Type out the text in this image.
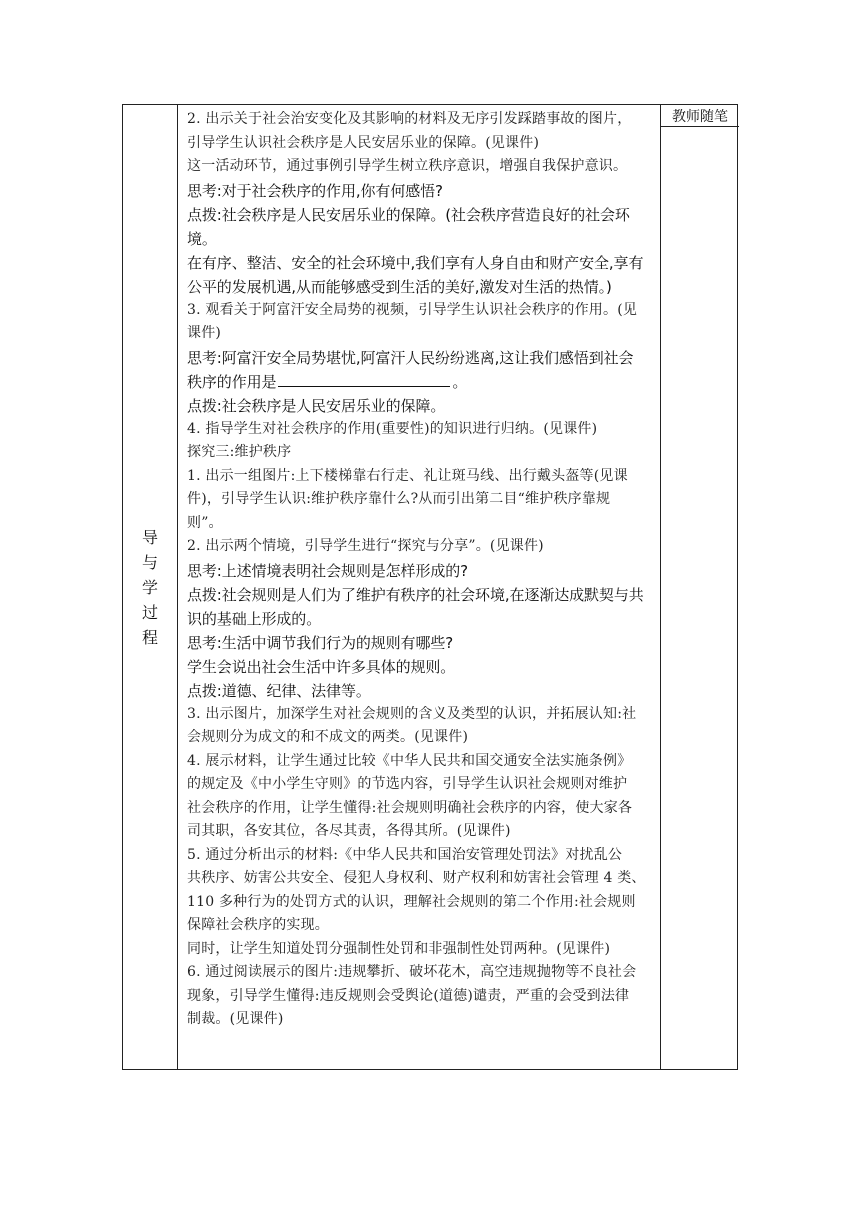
导
与
学
过
程
教师随笔

2. 出示关于社会治安变化及其影响的材料及无序引发踩踏事故的图片，

引导学生认识社会秩序是人民安居乐业的保障。(见课件)

这一活动环节，通过事例引导学生树立秩序意识，增强自我保护意识。

思考:对于社会秩序的作用,你有何感悟?

点拨:社会秩序是人民安居乐业的保障。(社会秩序营造良好的社会环境。

在有序、整洁、安全的社会环境中,我们享有人身自由和财产安全,享有

公平的发展机遇,从而能够感受到生活的美好,激发对生活的热情。)

3. 观看关于阿富汗安全局势的视频，引导学生认识社会秩序的作用。(见

课件)

思考:阿富汗安全局势堪忧,阿富汗人民纷纷逃离,这让我们感悟到社会

秩序的作用是	。

点拨:社会秩序是人民安居乐业的保障。

4. 指导学生对社会秩序的作用(重要性)的知识进行归纳。(见课件)

探究三:维护秩序

1. 出示一组图片:上下楼梯靠右行走、礼让斑马线、出行戴头盔等(见课

件)，引导学生认识:维护秩序靠什么?从而引出第二目“维护秩序靠规

则”。

2. 出示两个情境，引导学生进行“探究与分享”。(见课件)

思考:上述情境表明社会规则是怎样形成的?

点拨:社会规则是人们为了维护有秩序的社会环境,在逐渐达成默契与共

识的基础上形成的。

思考:生活中调节我们行为的规则有哪些?

学生会说出社会生活中许多具体的规则。

点拨:道德、纪律、法律等。

3. 出示图片，加深学生对社会规则的含义及类型的认识，并拓展认知:社

会规则分为成文的和不成文的两类。(见课件)

4. 展示材料，让学生通过比较《中华人民共和国交通安全法实施条例》

的规定及《中小学生守则》的节选内容，引导学生认识社会规则对维护

社会秩序的作用，让学生懂得:社会规则明确社会秩序的内容，使大家各

司其职，各安其位，各尽其责，各得其所。(见课件)

5. 通过分析出示的材料:《中华人民共和国治安管理处罚法》对扰乱公

共秩序、妨害公共安全、侵犯人身权利、财产权利和妨害社会管理 4 类、

110 多种行为的处罚方式的认识，理解社会规则的第二个作用:社会规则

保障社会秩序的实现。

同时，让学生知道处罚分强制性处罚和非强制性处罚两种。(见课件)

6. 通过阅读展示的图片:违规攀折、破坏花木，高空违规抛物等不良社会

现象，引导学生懂得:违反规则会受舆论(道德)谴责，严重的会受到法律

制裁。(见课件)
